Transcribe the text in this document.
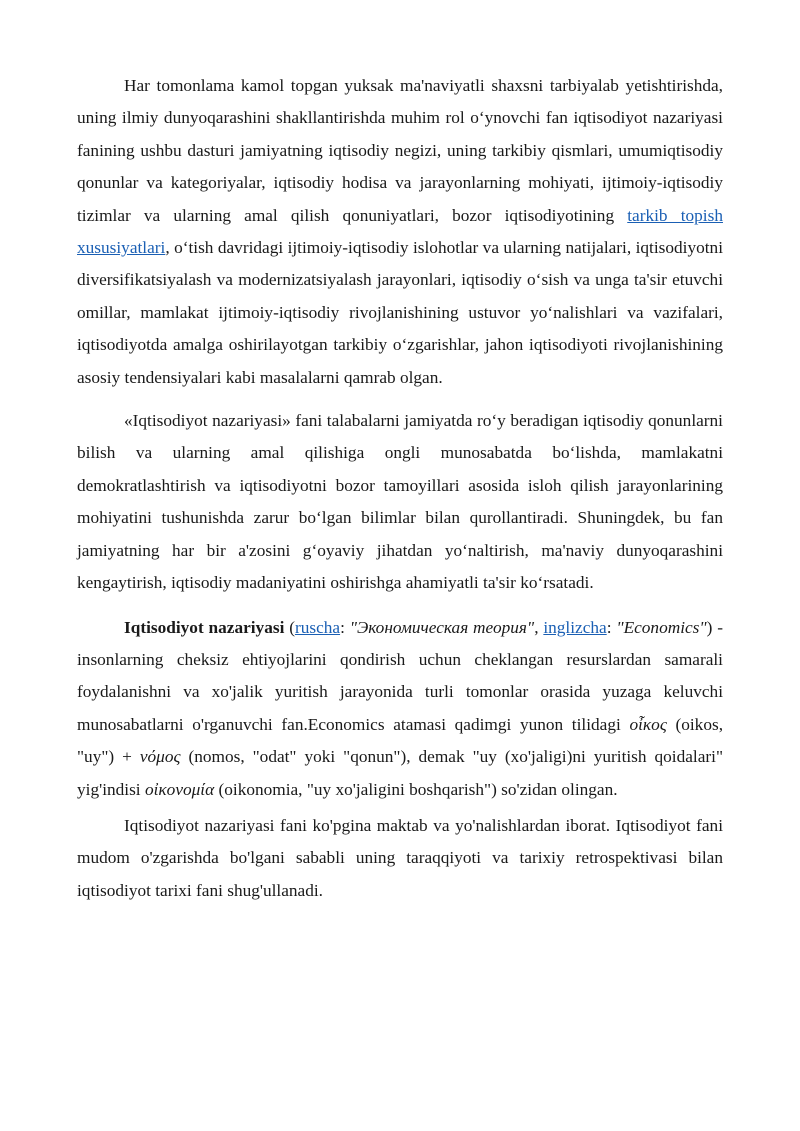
Har tomonlama kamol topgan yuksak ma'naviyatli shaxsni tarbiyalab yetishtirishda, uning ilmiy dunyoqarashini shakllantirishda muhim rol o‘ynovchi fan iqtisodiyot nazariyasi fanining ushbu dasturi jamiyatning iqtisodiy negizi, uning tarkibiy qismlari, umumiqtisodiy qonunlar va kategoriyalar, iqtisodiy hodisa va jarayonlarning mohiyati, ijtimoiy-iqtisodiy tizimlar va ularning amal qilish qonuniyatlari, bozor iqtisodiyotining tarkib topish xususiyatlari, o‘tish davridagi ijtimoiy-iqtisodiy islohotlar va ularning natijalari, iqtisodiyotni diversifikatsiyalash va modernizatsiyalash jarayonlari, iqtisodiy o‘sish va unga ta'sir etuvchi omillar, mamlakat ijtimoiy-iqtisodiy rivojlanishining ustuvor yo‘nalishlari va vazifalari, iqtisodiyotda amalga oshirilayotgan tarkibiy o‘zgarishlar, jahon iqtisodiyoti rivojlanishining asosiy tendensiyalari kabi masalalarni qamrab olgan.

«Iqtisodiyot nazariyasi» fani talabalarni jamiyatda ro‘y beradigan iqtisodiy qonunlarni bilish va ularning amal qilishiga ongli munosabatda bo‘lishda, mamlakatni demokratlashtirish va iqtisodiyotni bozor tamoyillari asosida isloh qilish jarayonlarining mohiyatini tushunishda zarur bo‘lgan bilimlar bilan qurollantiradi. Shuningdek, bu fan jamiyatning har bir a'zosini g‘oyaviy jihatdan yo‘naltirish, ma'naviy dunyoqarashini kengaytirish, iqtisodiy madaniyatini oshirishga ahamiyatli ta'sir ko‘rsatadi.

Iqtisodiyot nazariyasi (ruscha: "Экономическая теория", inglizcha: "Economics") - insonlarning cheksiz ehtiyojlarini qondirish uchun cheklangan resurslardan samarali foydalanishni va xo'jalik yuritish jarayonida turli tomonlar orasida yuzaga keluvchi munosabatlarni o'rganuvchi fan.Economics atamasi qadimgi yunon tilidagi οἶκος (oikos, "uy") + νόμος (nomos, "odat" yoki "qonun"), demak "uy (xo'jaligi)ni yuritish qoidalari" yig'indisi οἰκονομία (oikonomia, "uy xo'jaligini boshqarish") so'zidan olingan.

Iqtisodiyot nazariyasi fani ko'pgina maktab va yo'nalishlardan iborat. Iqtisodiyot fani mudom o'zgarishda bo'lgani sababli uning taraqqiyoti va tarixiy retrospektivasi bilan iqtisodiyot tarixi fani shug'ullanadi.
